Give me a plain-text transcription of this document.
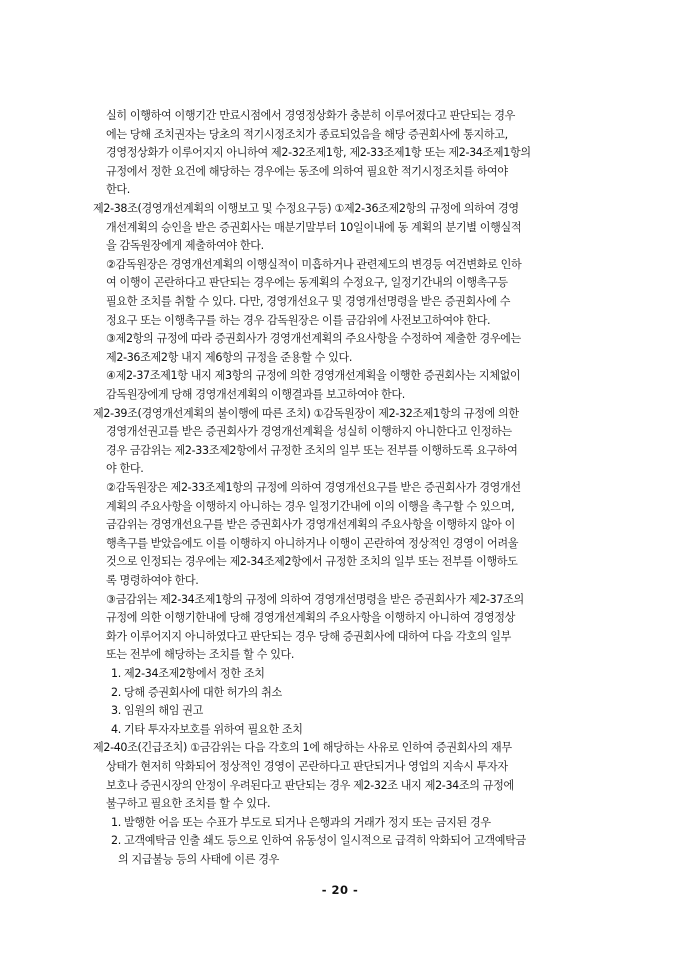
실히 이행하여 이행기간 만료시점에서 경영정상화가 충분히 이루어졌다고 판단되는 경우
에는 당해 조치권자는 당초의 적기시정조치가 종료되었음을 해당 증권회사에 통지하고,
경영정상화가 이루어지지 아니하여 제2-32조제1항, 제2-33조제1항 또는 제2-34조제1항의
규정에서 정한 요건에 해당하는 경우에는 동조에 의하여 필요한 적기시정조치를 하여야
한다.
제2-38조(경영개선계획의 이행보고 및 수정요구등) ①제2-36조제2항의 규정에 의하여 경영
개선계획의 승인을 받은 증권회사는 매분기말부터 10일이내에 동 계획의 분기별 이행실적
을 감독원장에게 제출하여야 한다.
②감독원장은 경영개선계획의 이행실적이 미흡하거나 관련제도의 변경등 여건변화로 인하
여 이행이 곤란하다고 판단되는 경우에는 동계획의 수정요구, 일정기간내의 이행촉구등
필요한 조치를 취할 수 있다. 다만, 경영개선요구 및 경영개선명령을 받은 증권회사에 수
정요구 또는 이행촉구를 하는 경우 감독원장은 이를 금감위에 사전보고하여야 한다.
③제2항의 규정에 따라 증권회사가 경영개선계획의 주요사항을 수정하여 제출한 경우에는
제2-36조제2항 내지 제6항의 규정을 준용할 수 있다.
④제2-37조제1항 내지 제3항의 규정에 의한 경영개선계획을 이행한 증권회사는 지체없이
감독원장에게 당해 경영개선계획의 이행결과를 보고하여야 한다.
제2-39조(경영개선계획의 불이행에 따른 조치) ①감독원장이 제2-32조제1항의 규정에 의한
경영개선권고를 받은 증권회사가 경영개선계획을 성실히 이행하지 아니한다고 인정하는
경우 금감위는 제2-33조제2항에서 규정한 조치의 일부 또는 전부를 이행하도록 요구하여
야 한다.
②감독원장은 제2-33조제1항의 규정에 의하여 경영개선요구를 받은 증권회사가 경영개선
계획의 주요사항을 이행하지 아니하는 경우 일정기간내에 이의 이행을 촉구할 수 있으며,
금감위는 경영개선요구를 받은 증권회사가 경영개선계획의 주요사항을 이행하지 않아 이
행촉구를 받았음에도 이를 이행하지 아니하거나 이행이 곤란하여 정상적인 경영이 어려울
것으로 인정되는 경우에는 제2-34조제2항에서 규정한 조치의 일부 또는 전부를 이행하도
록 명령하여야 한다.
③금감위는 제2-34조제1항의 규정에 의하여 경영개선명령을 받은 증권회사가 제2-37조의
규정에 의한 이행기한내에 당해 경영개선계획의 주요사항을 이행하지 아니하여 경영정상
화가 이루어지지 아니하였다고 판단되는 경우 당해 증권회사에 대하여 다음 각호의 일부
또는 전부에 해당하는 조치를 할 수 있다.
1. 제2-34조제2항에서 정한 조치
2. 당해 증권회사에 대한 허가의 취소
3. 임원의 해임 권고
4. 기타 투자자보호를 위하여 필요한 조치
제2-40조(긴급조치) ①금감위는 다음 각호의 1에 해당하는 사유로 인하여 증권회사의 재무
상태가 현저히 악화되어 정상적인 경영이 곤란하다고 판단되거나 영업의 지속시 투자자
보호나 증권시장의 안정이 우려된다고 판단되는 경우 제2-32조 내지 제2-34조의 규정에
불구하고 필요한 조치를 할 수 있다.
1. 발행한 어음 또는 수표가 부도로 되거나 은행과의 거래가 정지 또는 금지된 경우
2. 고객예탁금 인출 쇄도 등으로 인하여 유동성이 일시적으로 급격히 악화되어 고객예탁금
의 지급불능 등의 사태에 이른 경우
- 20 -
